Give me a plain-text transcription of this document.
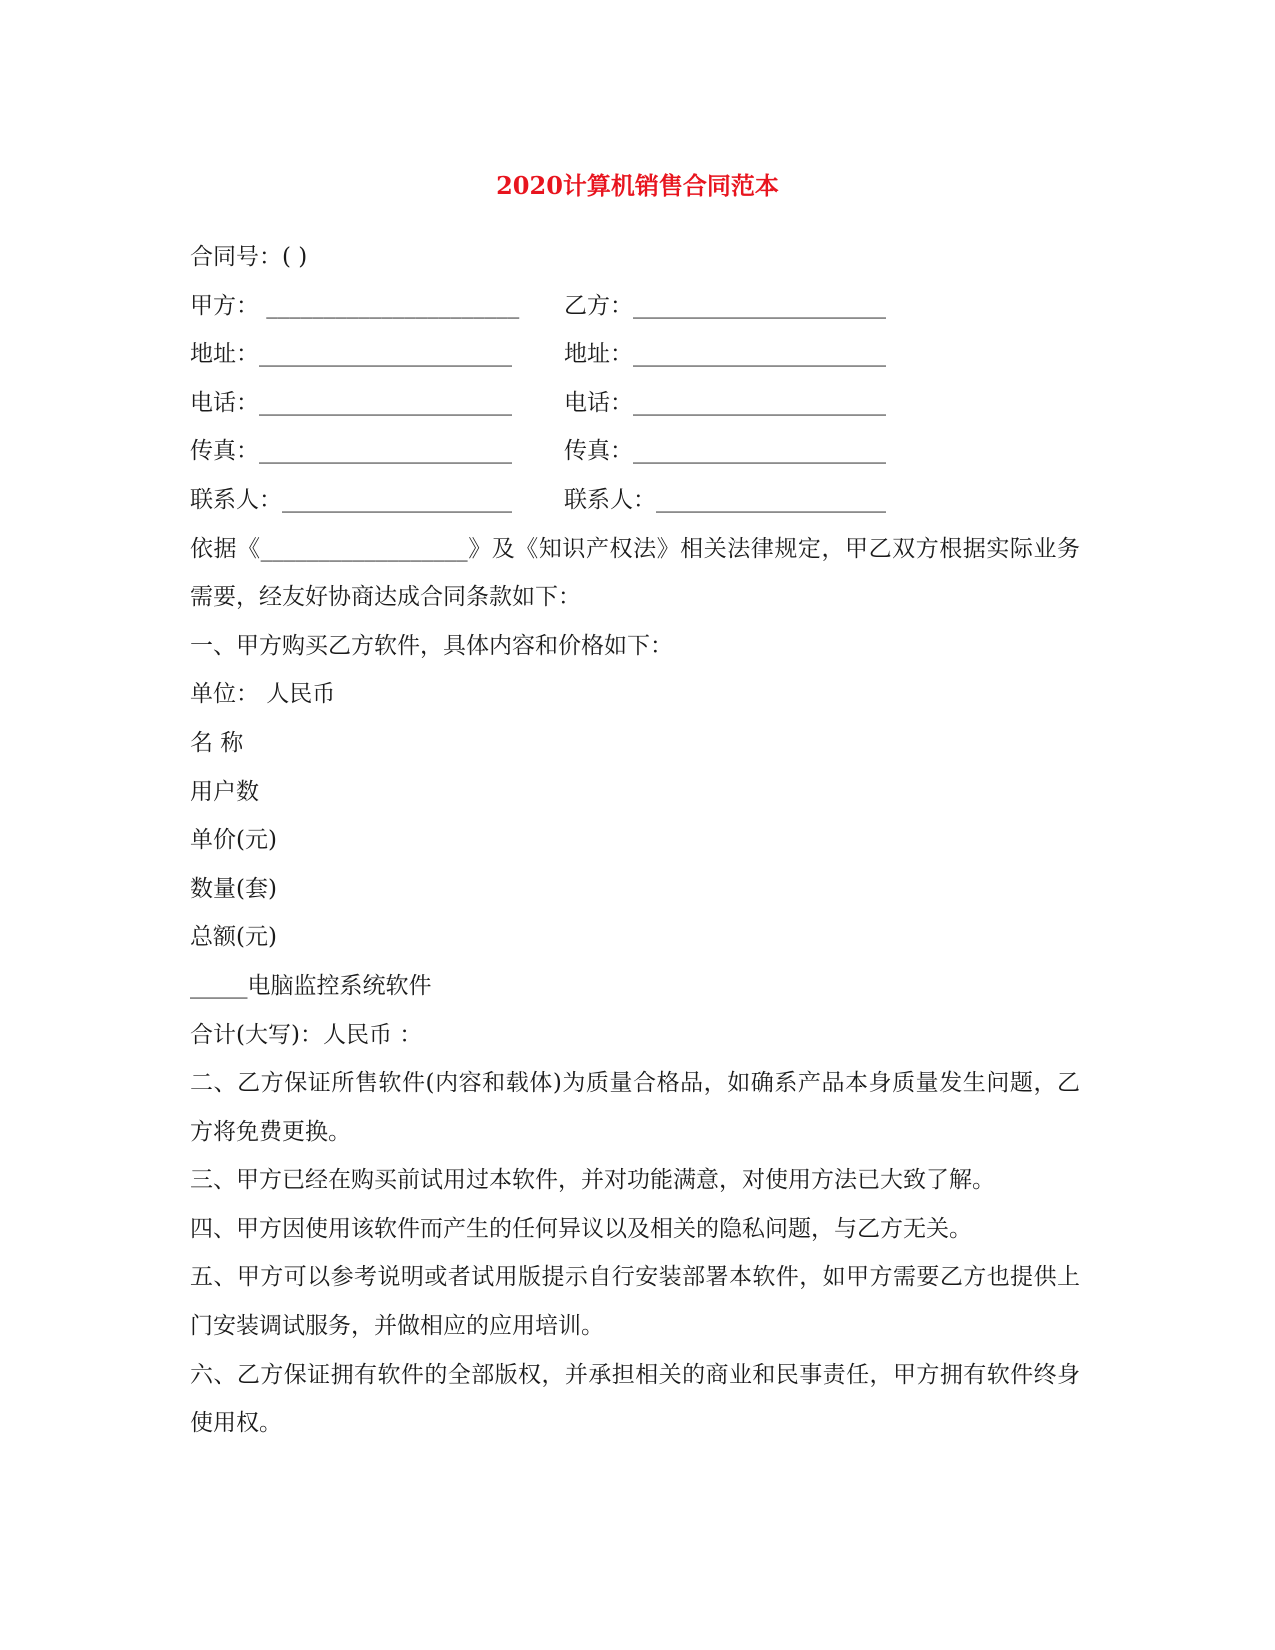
2020计算机销售合同范本
合同号：( )
甲方： ______________________ 乙方：______________________
地址：______________________ 地址：______________________
电话：______________________ 电话：______________________
传真：______________________ 传真：______________________
联系人：____________________ 联系人：____________________
依据《__________________》及《知识产权法》相关法律规定，甲乙双方根据实际业务需要，经友好协商达成合同条款如下：
一、甲方购买乙方软件，具体内容和价格如下：
单位： 人民币
名 称
用户数
单价(元)
数量(套)
总额(元)
_____电脑监控系统软件
合计(大写)：人民币 ：
二、乙方保证所售软件(内容和载体)为质量合格品，如确系产品本身质量发生问题，乙方将免费更换。
三、甲方已经在购买前试用过本软件，并对功能满意，对使用方法已大致了解。
四、甲方因使用该软件而产生的任何异议以及相关的隐私问题，与乙方无关。
五、甲方可以参考说明或者试用版提示自行安装部署本软件，如甲方需要乙方也提供上门安装调试服务，并做相应的应用培训。
六、乙方保证拥有软件的全部版权，并承担相关的商业和民事责任，甲方拥有软件终身使用权。
